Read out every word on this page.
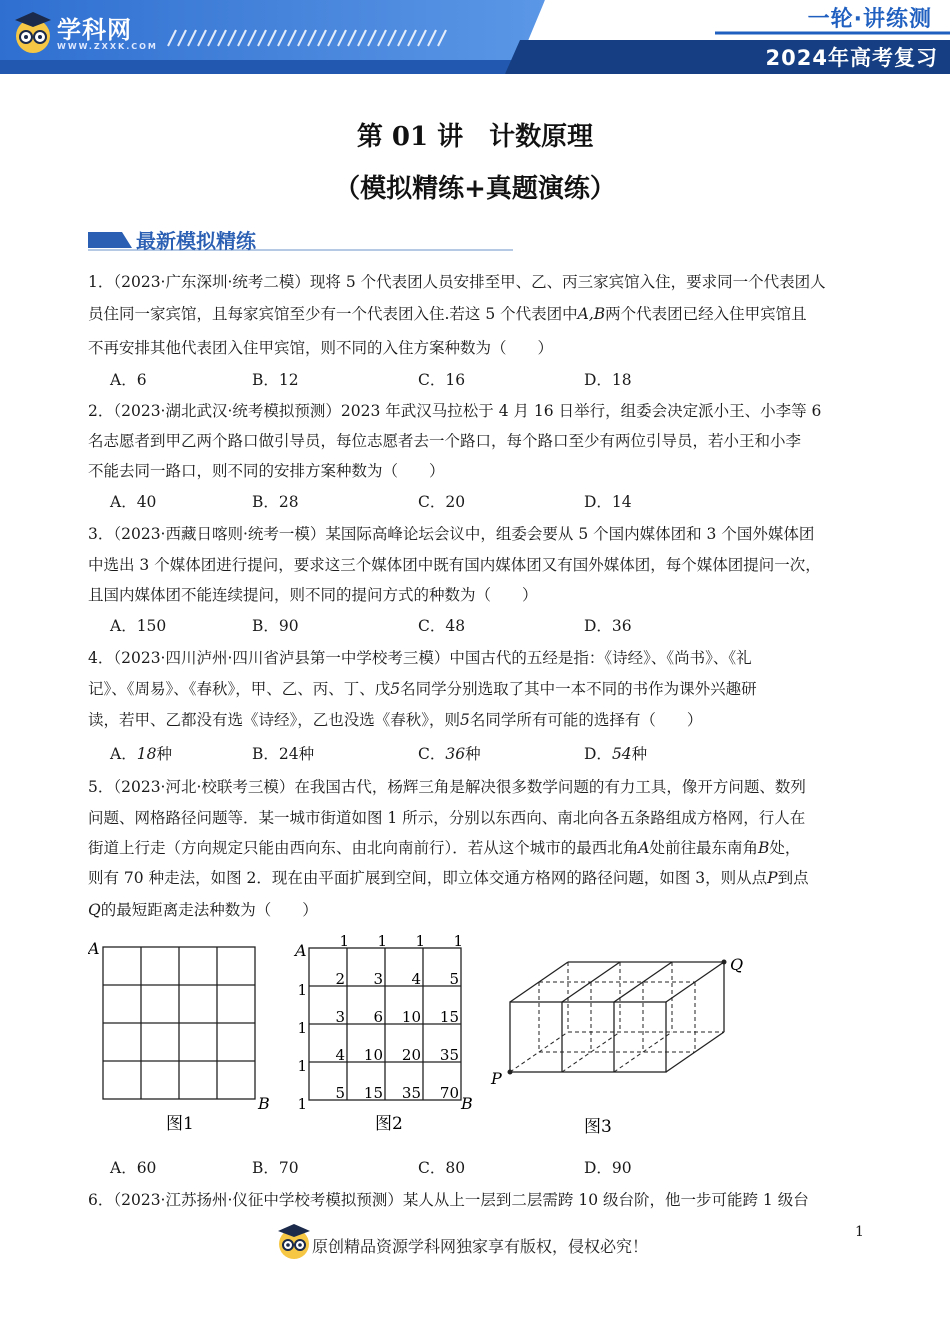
学科网
WWW.ZXXK.COM
一轮·讲练测
2024年高考复习
第 01 讲　计数原理
（模拟精练+真题演练）
最新模拟精练
1．（2023·广东深圳·统考二模）现将 5 个代表团人员安排至甲、乙、丙三家宾馆入住，要求同一个代表团人
员住同一家宾馆，且每家宾馆至少有一个代表团入住.若这 5 个代表团中A,B两个代表团已经入住甲宾馆且
不再安排其他代表团入住甲宾馆，则不同的入住方案种数为（　　）
A．6	B．12	C．16	D．18
2．（2023·湖北武汉·统考模拟预测）2023 年武汉马拉松于 4 月 16 日举行，组委会决定派小王、小李等 6
名志愿者到甲乙两个路口做引导员，每位志愿者去一个路口，每个路口至少有两位引导员，若小王和小李
不能去同一路口，则不同的安排方案种数为（　　）
A．40	B．28	C．20	D．14
3．（2023·西藏日喀则·统考一模）某国际高峰论坛会议中，组委会要从 5 个国内媒体团和 3 个国外媒体团
中选出 3 个媒体团进行提问，要求这三个媒体团中既有国内媒体团又有国外媒体团，每个媒体团提问一次，
且国内媒体团不能连续提问，则不同的提问方式的种数为（　　）
A．150	B．90	C．48	D．36
4．（2023·四川泸州·四川省泸县第一中学校考三模）中国古代的五经是指：《诗经》、《尚书》、《礼
记》、《周易》、《春秋》，甲、乙、丙、丁、戊5名同学分别选取了其中一本不同的书作为课外兴趣研
读，若甲、乙都没有选《诗经》，乙也没选《春秋》，则5名同学所有可能的选择有（　　）
A．18种	B．24种	C．36种	D．54种
5．（2023·河北·校联考三模）在我国古代，杨辉三角是解决很多数学问题的有力工具，像开方问题、数列
问题、网格路径问题等．某一城市街道如图 1 所示，分别以东西向、南北向各五条路组成方格网，行人在
街道上行走（方向规定只能由西向东、由北向南前行）．若从这个城市的最西北角A处前往最东南角B处，
则有 70 种走法，如图 2．现在由平面扩展到空间，即立体交通方格网的路径问题，如图 3，则从点P到点
Q的最短距离走法种数为（　　）
A
B
图1
A
B
1 1 1 1
1
1
1
1
2 3 4 5
3 6 10 15
4 10 20 35
5 15 35 70
图2
P
Q
图3
A．60	B．70	C．80	D．90
6．（2023·江苏扬州·仪征中学校考模拟预测）某人从上一层到二层需跨 10 级台阶，他一步可能跨 1 级台
原创精品资源学科网独家享有版权，侵权必究！
1
